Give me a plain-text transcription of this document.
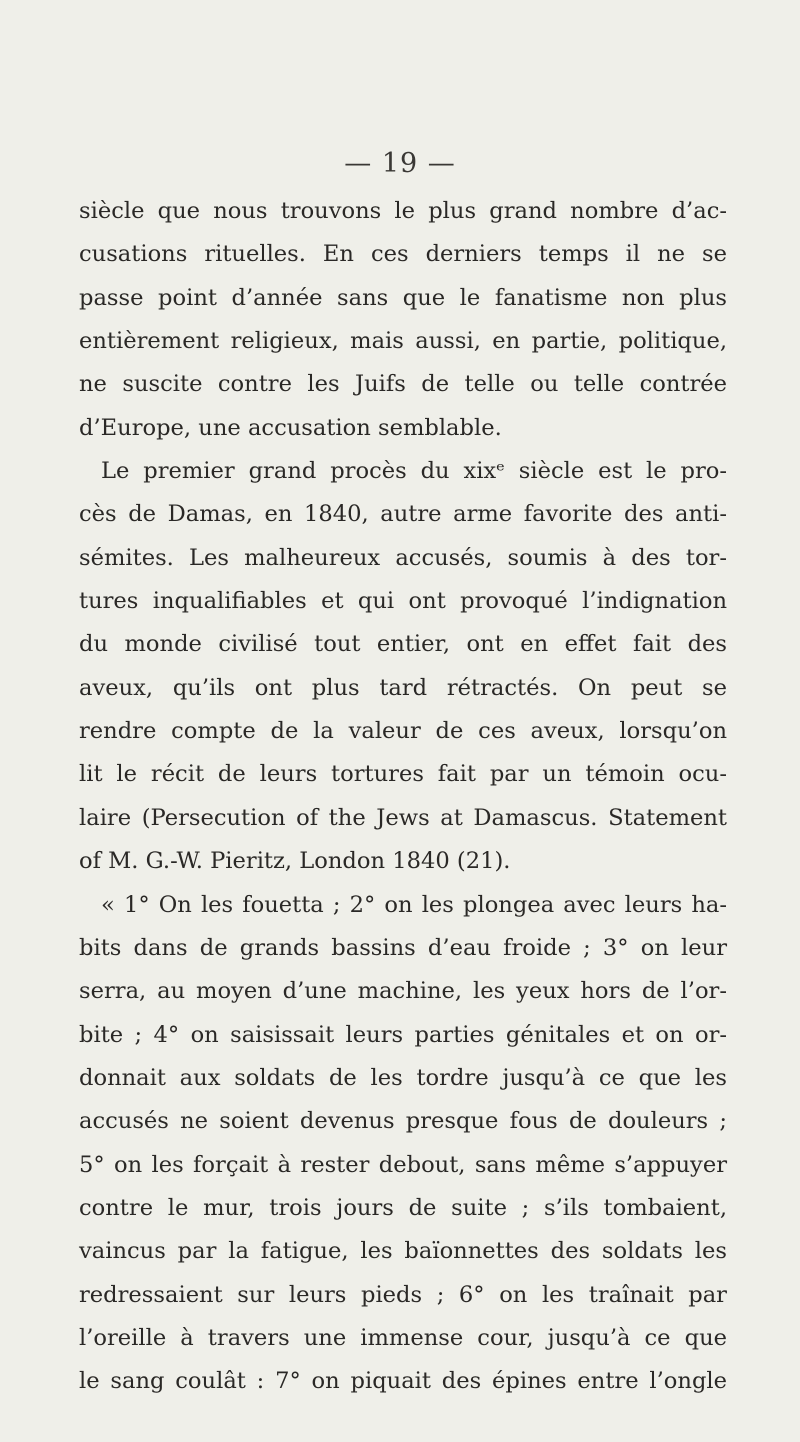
— 19 —
siècle que nous trouvons le plus grand nombre d’ac-
cusations rituelles. En ces derniers temps il ne se
passe point d’année sans que le fanatisme non plus
entièrement religieux, mais aussi, en partie, politique,
ne suscite contre les Juifs de telle ou telle contrée
d’Europe, une accusation semblable.
Le premier grand procès du xixᵉ siècle est le pro-
cès de Damas, en 1840, autre arme favorite des anti-
sémites. Les malheureux accusés, soumis à des tor-
tures inqualifiables et qui ont provoqué l’indignation
du monde civilisé tout entier, ont en effet fait des
aveux, qu’ils ont plus tard rétractés. On peut se
rendre compte de la valeur de ces aveux, lorsqu’on
lit le récit de leurs tortures fait par un témoin ocu-
laire (Persecution of the Jews at Damascus. Statement
of M. G.-W. Pieritz, London 1840 (21).
« 1° On les fouetta ; 2° on les plongea avec leurs ha-
bits dans de grands bassins d’eau froide ; 3° on leur
serra, au moyen d’une machine, les yeux hors de l’or-
bite ; 4° on saisissait leurs parties génitales et on or-
donnait aux soldats de les tordre jusqu’à ce que les
accusés ne soient devenus presque fous de douleurs ;
5° on les forçait à rester debout, sans même s’appuyer
contre le mur, trois jours de suite ; s’ils tombaient,
vaincus par la fatigue, les baïonnettes des soldats les
redressaient sur leurs pieds ; 6° on les traînait par
l’oreille à travers une immense cour, jusqu’à ce que
le sang coulât : 7° on piquait des épines entre l’ongle
